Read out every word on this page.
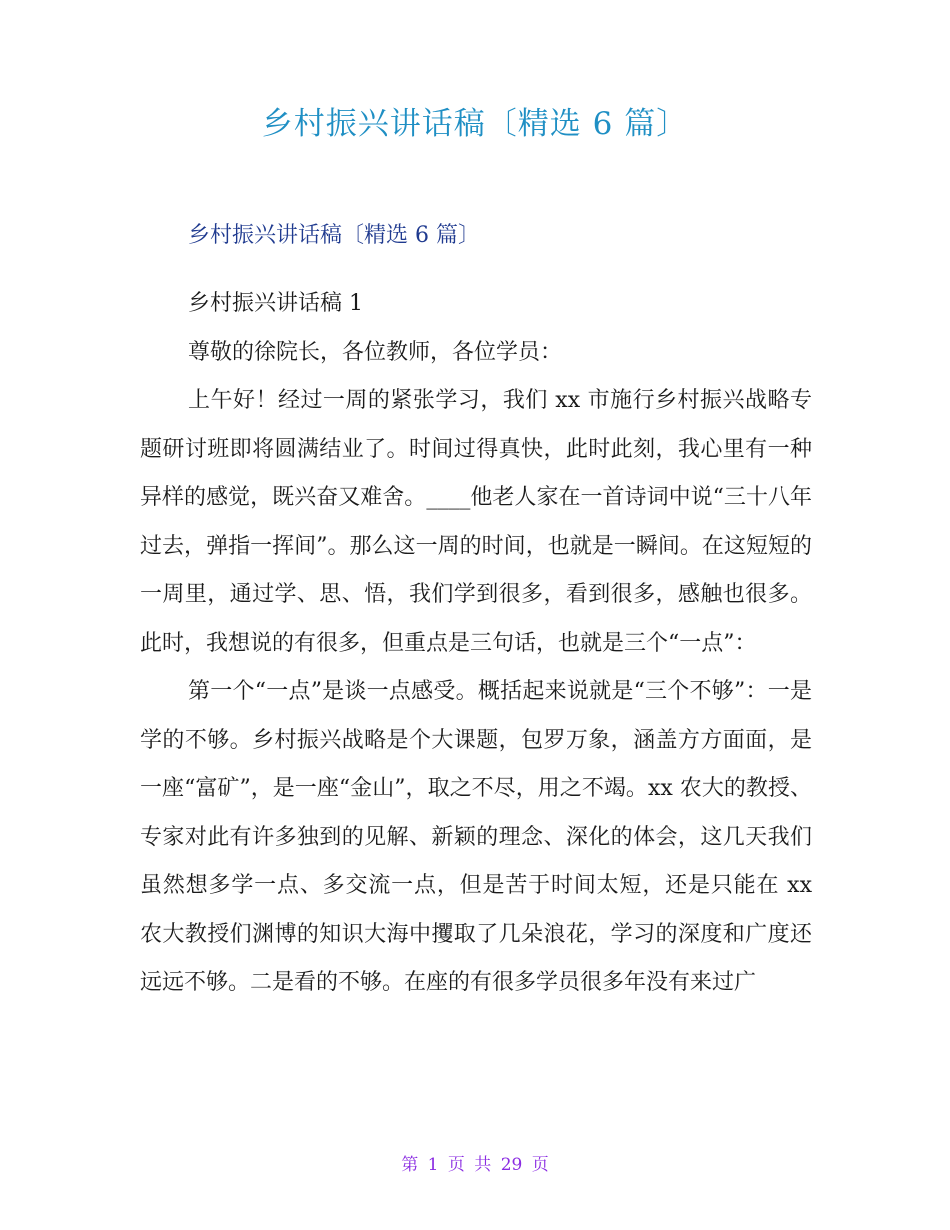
乡村振兴讲话稿〔精选 6 篇〕
乡村振兴讲话稿〔精选 6 篇〕

乡村振兴讲话稿 1

尊敬的徐院长，各位教师，各位学员：

上午好！经过一周的紧张学习，我们 xx 市施行乡村振兴战略专题研讨班即将圆满结业了。时间过得真快，此时此刻，我心里有一种异样的感觉，既兴奋又难舍。____他老人家在一首诗词中说“三十八年过去，弹指一挥间”。那么这一周的时间，也就是一瞬间。在这短短的一周里，通过学、思、悟，我们学到很多，看到很多，感触也很多。此时，我想说的有很多，但重点是三句话，也就是三个“一点”：

第一个“一点”是谈一点感受。概括起来说就是“三个不够”：一是学的不够。乡村振兴战略是个大课题，包罗万象，涵盖方方面面，是一座“富矿”，是一座“金山”，取之不尽，用之不竭。xx 农大的教授、专家对此有许多独到的见解、新颖的理念、深化的体会，这几天我们虽然想多学一点、多交流一点，但是苦于时间太短，还是只能在 xx 农大教授们渊博的知识大海中攫取了几朵浪花，学习的深度和广度还远远不够。二是看的不够。在座的有很多学员很多年没有来过广

第 1 页 共 29 页
